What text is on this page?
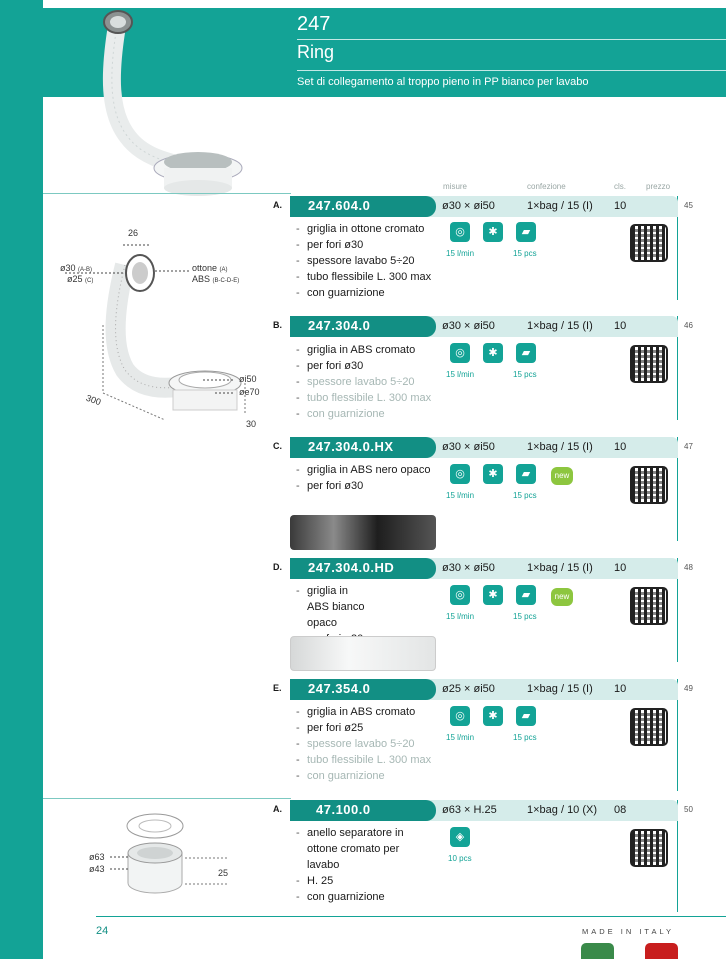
247
Ring
Set di collegamento al troppo pieno in PP bianco per lavabo
misure	confezione	cls.	prezzo
26
ø30 (A-B)
ø25 (C)
ottone (A)
ABS (B-C-D-E)
øi50
øe70
300
30
ø63
ø43	25
A. 247.604.0	ø30 × øi50	1×bag / 15 (I) 10	45
- griglia in ottone cromato
- per fori ø30
- spessore lavabo 5÷20
- tubo flessibile L. 300 max
- con guarnizione
B. 247.304.0	ø30 × øi50	1×bag / 15 (I) 10	46
- griglia in ABS cromato
- per fori ø30
- spessore lavabo 5÷20
- tubo flessibile L. 300 max
- con guarnizione
C. 247.304.0.HX	ø30 × øi50	1×bag / 15 (I) 10	47
- griglia in ABS nero opaco
- per fori ø30
D. 247.304.0.HD	ø30 × øi50	1×bag / 15 (I) 10	48
- griglia in ABS bianco opaco
-
E. 247.354.0	ø25 × øi50	1×bag / 15 (I) 10	49
- griglia in ABS cromato
- per fori ø25
- spessore lavabo 5÷20
- tubo flessibile L. 300 max
- con guarnizione
A.	47.100.0	ø63 × H.25	1×bag / 10 (X) 08	50
- anello separatore in ottone cromato per lavabo
- H. 25
- con guarnizione
◎	✱	▰
15 l/min	15 pcs
◎	✱	▰
15 l/min	15 pcs
◎	✱	▰	new
15 l/min	15 pcs
◎	✱	▰	new
15 l/min	15 pcs
◎	✱	▰
15 l/min	15 pcs
◈
10 pcs
24	MADE IN ITALY
